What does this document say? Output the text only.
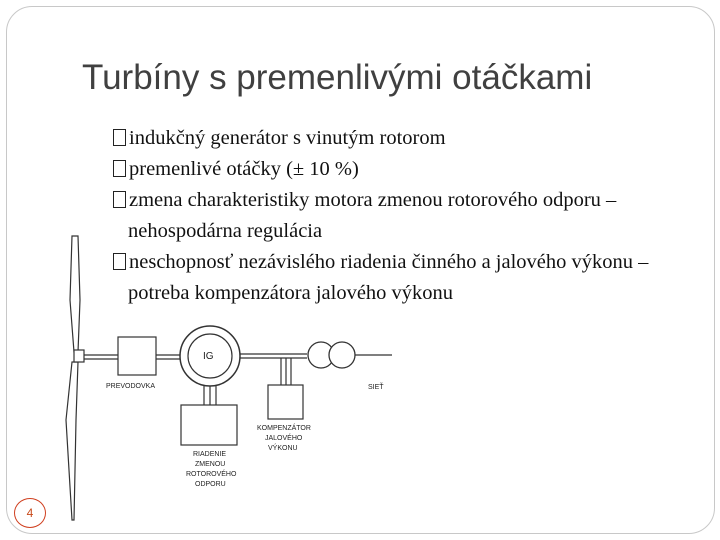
PREVODOVKA
IG
SIEŤ
KOMPENZÁTOR
JALOVÉHO
VÝKONU
RIADENIE
ZMENOU
ROTOROVÉHO
ODPORU
Turbíny s premenlivými otáčkami

indukčný generátor s vinutým rotorom

premenlivé otáčky (± 10 %)

zmena charakteristiky motora zmenou rotorového odporu – nehospodárna regulácia

neschopnosť nezávislého riadenia činného a jalového výkonu – potreba kompenzátora jalového výkonu

4
